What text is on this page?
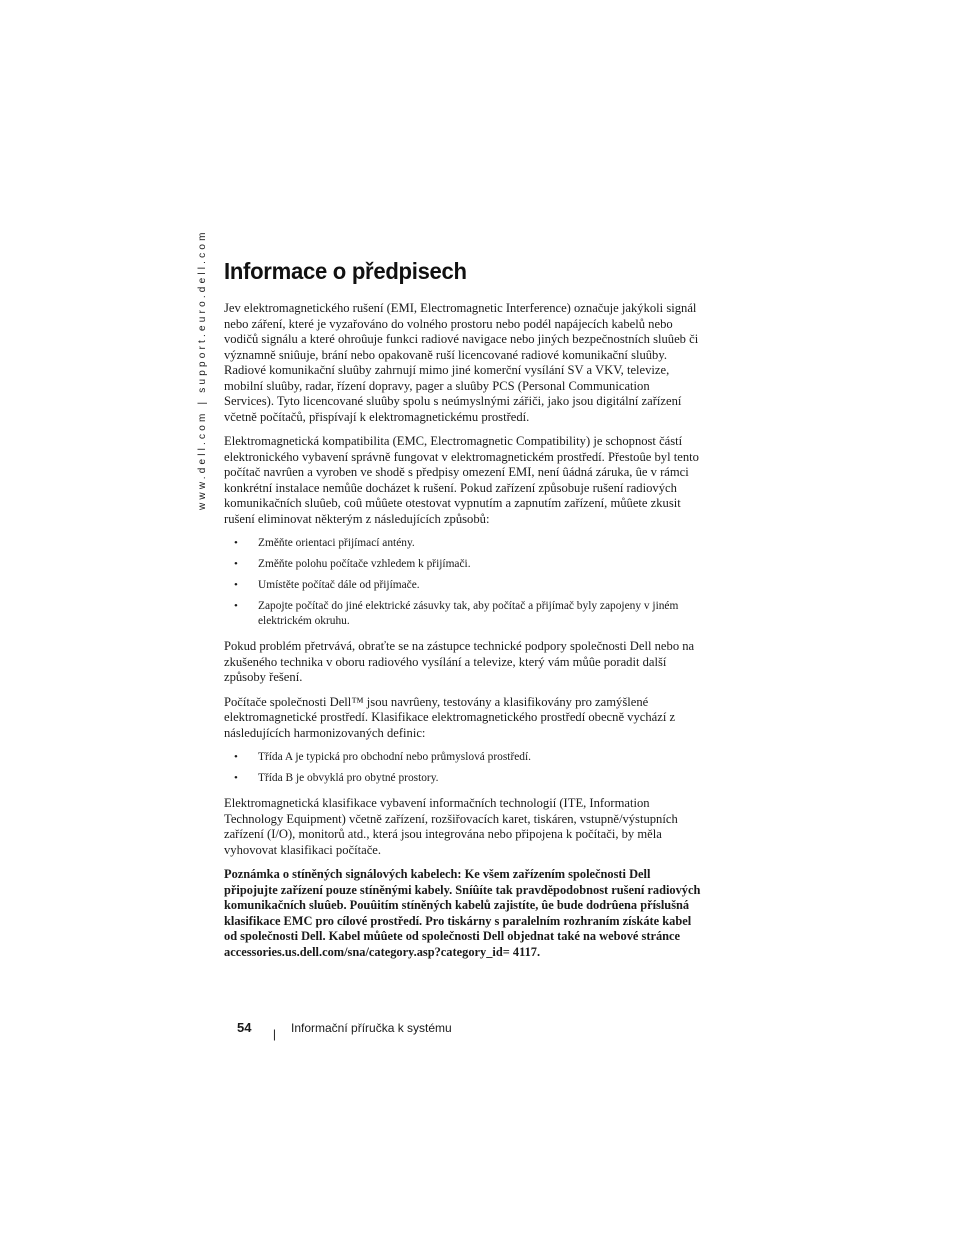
www.dell.com | support.euro.dell.com Informace o předpisech

Jev elektromagnetického rušení (EMI, Electromagnetic Interference) označuje jakýkoli signál nebo záření, které je vyzařováno do volného prostoru nebo podél napájecích kabelů nebo vodičů signálu a které ohroûuje funkci radiové navigace nebo jiných bezpečnostních sluûeb či významně sniûuje, brání nebo opakovaně ruší licencované radiové komunikační sluûby. Radiové komunikační sluûby zahrnují mimo jiné komerční vysílání SV a VKV, televize, mobilní sluûby, radar, řízení dopravy, pager a sluûby PCS (Personal Communication Services). Tyto licencované sluûby spolu s neúmyslnými zářiči, jako jsou digitální zařízení včetně počítačů, přispívají k elektromagnetickému prostředí.

Elektromagnetická kompatibilita (EMC, Electromagnetic Compatibility) je schopnost částí elektronického vybavení správně fungovat v elektromagnetickém prostředí. Přestoûe byl tento počítač navrûen a vyroben ve shodě s předpisy omezení EMI, není ûádná záruka, ûe v rámci konkrétní instalace nemůûe docházet k rušení. Pokud zařízení způsobuje rušení radiových komunikačních sluûeb, coû můûete otestovat vypnutím a zapnutím zařízení, můûete zkusit rušení eliminovat některým z následujících způsobů:

• Změňte orientaci přijímací antény.
• Změňte polohu počítače vzhledem k přijímači.
• Umístěte počítač dále od přijímače.
• Zapojte počítač do jiné elektrické zásuvky tak, aby počítač a přijímač byly zapojeny v jiném elektrickém okruhu.

Pokud problém přetrvává, obraťte se na zástupce technické podpory společnosti Dell nebo na zkušeného technika v oboru radiového vysílání a televize, který vám můûe poradit další způsoby řešení.

Počítače společnosti Dell™ jsou navrûeny, testovány a klasifikovány pro zamýšlené elektromagnetické prostředí. Klasifikace elektromagnetického prostředí obecně vychází z následujících harmonizovaných definic:

• Třída A je typická pro obchodní nebo průmyslová prostředí.
• Třída B je obvyklá pro obytné prostory.

Elektromagnetická klasifikace vybavení informačních technologií (ITE, Information Technology Equipment) včetně zařízení, rozšiřovacích karet, tiskáren, vstupně/výstupních zařízení (I/O), monitorů atd., která jsou integrována nebo připojena k počítači, by měla vyhovovat klasifikaci počítače.

Poznámka o stíněných signálových kabelech: Ke všem zařízením společnosti Dell připojujte zařízení pouze stíněnými kabely. Sníûíte tak pravděpodobnost rušení radiových komunikačních sluûeb. Pouûitím stíněných kabelů zajistíte, ûe bude dodrûena příslušná klasifikace EMC pro cílové prostředí. Pro tiskárny s paralelním rozhraním získáte kabel od společnosti Dell. Kabel můûete od společnosti Dell objednat také na webové stránce accessories.us.dell.com/sna/category.asp?category_id= 4117.

54 | Informační příručka k systému
